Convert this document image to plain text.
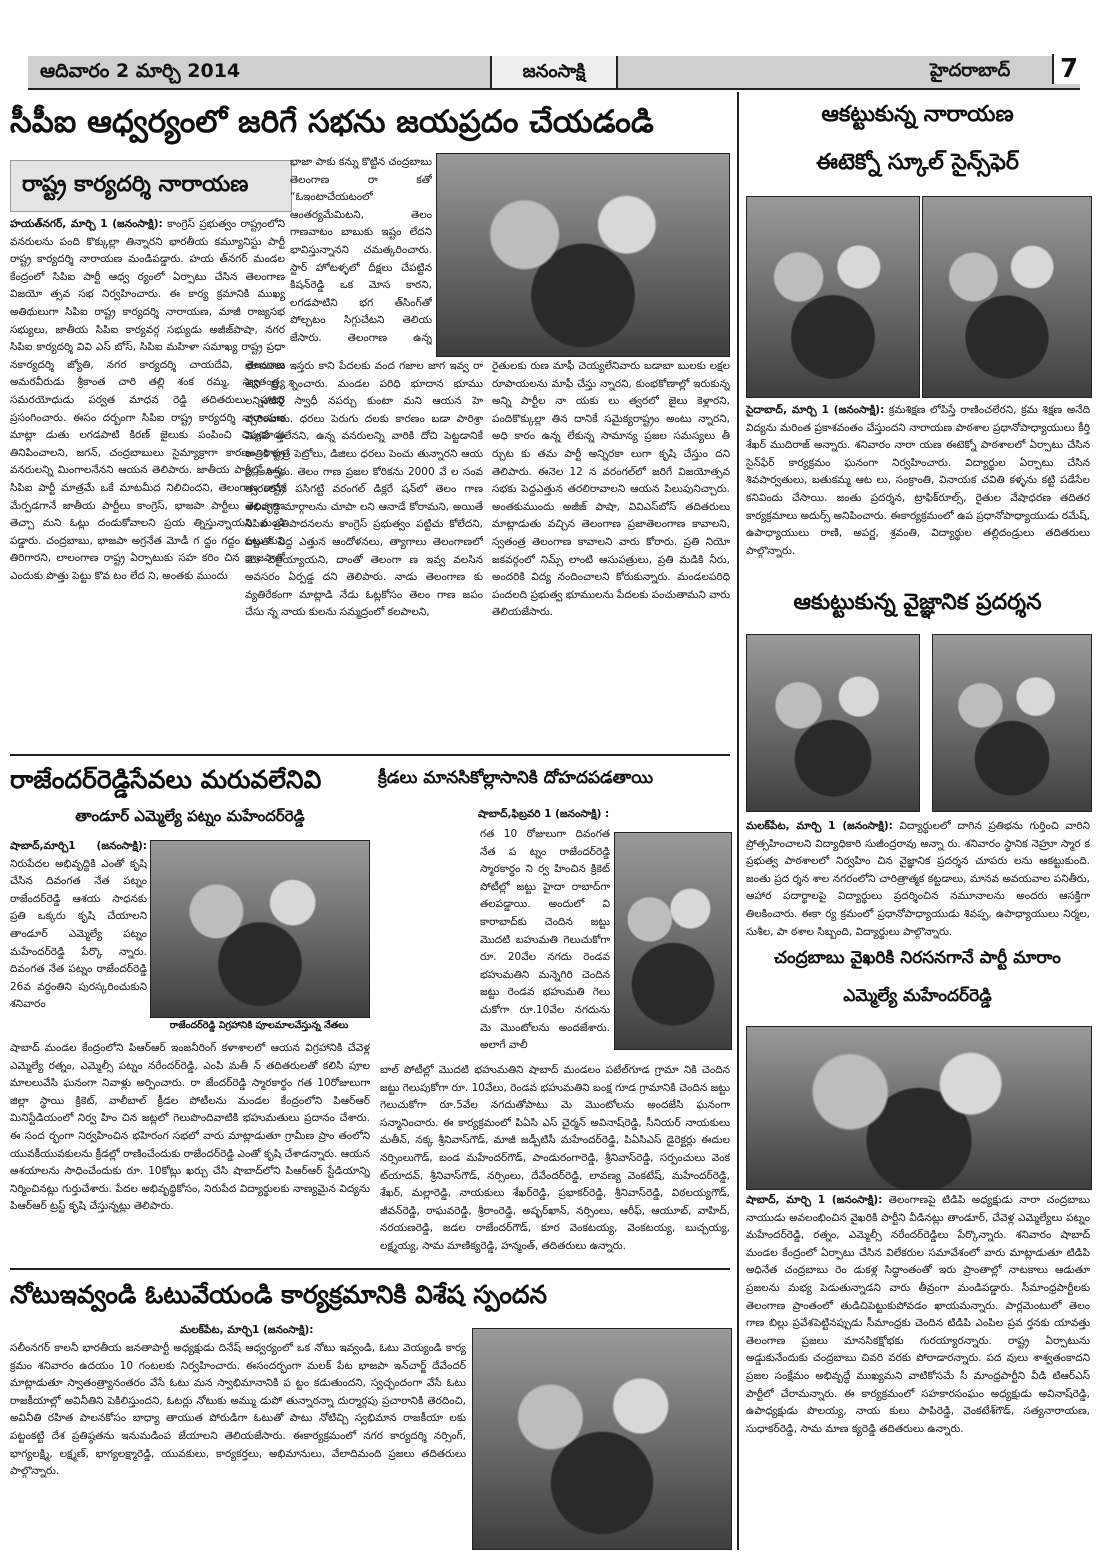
ఆదివారం 2 మార్చి 2014	జనంసాక్షి	హైదరాబాద్	7
సీపీఐ ఆధ్వర్యంలో జరిగే సభను జయప్రదం చేయడండి
రాష్ట్ర కార్యదర్శి నారాయణ
భాజా పాకు కన్ను కొట్టిన చంద్రబాబు తెలంగాణ రా కతో “ఓఇంటాచేయటంలో ఆంతర్యమేమిటని, తెలం గాణవాటం బాబుకు ఇష్టం లేదని భావిస్తున్నానని చమత్కరించారు. స్టార్ హోటళ్ళలో దీక్షలు చేపట్టిన కిషన్‌రెడ్డి ఒక మోస కారని, లగడపాటిని భగ త్‌సింగ్‌తో పోల్చటం సిగ్గుచేటని తెలియ జేసారు. తెలంగాణ ఉన్న
హయత్‌నగర్, మార్చి 1 (జనంసాక్షి): కాంగ్రెస్ ప్రభుత్వం రాష్ట్రంలోని వనరులను పంది కొక్కుల్లా తిన్నారని భారతీయ కమ్యూనిస్టు పార్టీ రాష్ట్ర కార్యదర్శి నారాయణ మండిపడ్డారు. హయ త్‌నగర్ మండల కేంద్రంలో సిపిఐ పార్టీ ఆధ్వ ర్యంలో ఏర్పాటు చేసిన తెలంగాణ విజయో త్సవ సభ నిర్వహించారు. ఈ కార్య క్రమానికి ముఖ్య అతిథులుగా సిపిఐ రాష్ట్ర కార్యదర్శి నారాయణ, మాజీ రాజ్యసభ సభ్యులు, జాతీయ సిపిఐ కార్యవర్గ సభ్యుడు అజీజ్‌పాషా, నగర సిపిఐ కార్యదర్శి వివి ఎస్ బోస్, సిపిఐ మహిళా సమాఖ్య రాష్ట్ర ప్రధా నకార్యదర్శి జ్యోతి, నగర కార్యదర్శి చాయదేవి, తెలంగాణ అమరవీరుడు శ్రీకాంత చారి తల్లి శంక రమ్మ, స్వాతంత్ర్య సమరయోధుడు పర్వత మాధవ రెడ్డి తదితరులు హాజరై ప్రసంగించారు. ఈసం దర్బంగా సిపిఐ రాష్ట్ర కార్యదర్శి నారాయణ మాట్లా డుతు లగడపాటి కిరణ్ జైలుకు పంపించి చిప్పకూడు తినిపించాలని, జగన్, చంద్రబాబులు సైమ్యాక్రాగా కారణం రాష్ట్ర వనరులన్ని మింగాలనేనని ఆయన తెలిపారు. జాతీయ పార్టీల్లో ఒక్క సిపిఐ పార్టీ మాత్రమే ఒకే మాటమీద నిలిచిందని, తెలంగాణ రాష్ట్ర మేర్పడగానే జాతీయ పార్టీలు కాంగ్రెస్, భాజపా పార్టీలు తెలంగాణ తెచ్చా మని ఓట్లు దండుకోవాలని ప్రయ త్నిస్తున్నాయని మండి పడ్డారు. చంద్రబాబు, భాజపా అగ్రనేత మోడీ గ ద్దం గద్దం పట్టు కుని తిరిగారని, లాలంగాణ రాష్ట్ర ఏర్పాటుకు సహ కరిం చిన భాజపాతో ఎందుకు పొత్తు పెట్టు కొవ టం లేద ని, అంతకు ముందు
భూములు ఇస్తరు కాని పేదలకు వంద గజాల జాగ ఇవ్వ రా అని ప్ర శ్నించారు. మండల పరిధి భూదాన భూము లన్నింటిని స్వాధీ నపర్చు కుంటా మని ఆయన హె చ్చరించారు. ధరలు పెరుగు దలకు కారణం బడా పారిశ్రా మికవే త్తలేనని, ఉన్న వనరులన్ని వారికి దోచి పెట్టడానికే రాత్రికి రాత్రే పెట్రోలు, డిజిలు ధరలు పెంచు తున్నారని ఆయ న అన్నారు. తెలం గాణ ప్రజల కోరికను 2000 వే ల సంవ త్సరంలోనే పసిగట్టి వరంగల్ డిక్లరే షన్‌లో తెలం గాణ అభివృద్ధి మార్గాలను చూపా లని ఆనాడే కోరామని, అయితే సిపిఐ ప్రతిపాదనలను కాంగ్రెస్ ప్రభుత్వం పట్టిచు కోలేదని, దాంతో పెద్ద ఎత్తున ఆందోళనలు, త్యాగాలు తెలంగాణలో మొ దలైయ్యాయని, దాంతో తెలంగా ణ ఇవ్వ వలసిన అవసరం ఏర్పడ్డ దని తెలిపారు. నాడు తెలంగాణ కు వ్యతిరేకంగా మాట్లాడి నేడు ఓట్లకోసం తెలం గాణ జపం చేసు న్న నాయ కులను సమ్మద్రంలో కలపాలని,
రైతులకు రుణ మాఫీ చెయ్యలేనివారు బడాబా బులకు లక్షల రూపాయలను మాఫీ చేస్తు న్నారని, కుంభకోణాల్లో ఇరుకున్న అన్ని పార్టీల నా యకు లు త్వరలో జైలు కెళ్లారని, పందికొక్కుల్లా తిన దానికే సమైక్యరాష్ట్రం అంటు న్నారని, అధి కారం ఉన్న లేకున్న సామాన్య ప్రజల సమస్యలు తీ ర్చుట కు తమ పార్టీ అన్నిరకా లుగా కృషి చేస్తుం దని తెలిపారు. ఈనెల 12 న వరంగల్‌లో జరిగే విజయోత్సవ సభకు పెద్దఎత్తున తరలిరావాలని ఆయన పిలుపునిచ్చారు. అంతకుముందు అజీజ్ పాషా, వివిఎస్‌బోస్ తదితరులు మాట్లాడుతు వచ్చిన తెలంగాణ ప్రజాతెలంగాణ కావాలని, స్వతంత్ర తెలంగాణ కావాలని వారు కోరారు. ప్రతి నియో జకవర్గంలో నిమ్స్ లాంటి ఆసుపత్రులు, ప్రతి మడికి నీరు, అందరికి విద్య నందించాలని కోరుకున్నారు. మండలపరిధి పందలది ప్రభుత్వ భూములను పేదలకు పంచుతామని వారు తెలియజేసారు.
ఆకట్టుకున్న నారాయణ
ఈటెక్నో స్కూల్ సైన్స్‌ఫెర్
సైదాబాద్, మార్చి 1 (జనంసాక్షి): క్రమశిక్షణ లోపిస్తే రాణించలేరని, క్రమ శిక్షణ అనేది విద్యను మరింత ప్రకాశవంతం చేస్తుందని నారాయణ పాఠశాల ప్రధానోపాధ్యాయులు కీర్తి శేఖర్ ముదిరాజ్ అన్నారు. శనివారం నారా యణ ఈటెక్నో పాఠశాలలో ఏర్పాటు చేసిన సైన్‌ఫేర్ కార్యక్రమం ఘనంగా నిర్వహించారు. విద్యార్థుల ఏర్పాటు చేసిన శివపార్వతులు, బతుకమ్మ ఆట లు, సంక్రాంతి, వినాయక చవితి కళ్ళను కట్టి పడేసేల కనివిందు చేసాయి. జంతు ప్రదర్శన, ట్రాఫిక్‌రూల్స్, రైతుల వేషాధరణ తదితర కార్యక్రమాలు అదుర్స్ అనిపించారు. ఈకార్యక్రమంలో ఉప ప్రధానోపాధ్యాయుడు రమేష్, ఉపాధ్యాయులు రాణి, అపర్ణ, శ్రవంతి, విద్యార్థుల తల్లిదండ్రులు తదితరులు పాల్గొన్నారు.
ఆకుట్టుకున్న వైజ్ఞానిక ప్రదర్శన
మలక్‌పేట, మార్చి 1 (జనంసాక్షి): విద్యార్థులలో దాగిన ప్రతిభను గుర్తించి వారిని ప్రోత్సహించాలని విద్యాధికారి సుజీంద్రరావు అన్నా రు. శనివారం స్థానిక నెహ్రూ స్మార క ప్రభుత్వ పాఠశాలలో నిర్వహిం చిన వైజ్ఞానిక ప్రదర్శన చూపరు లను ఆకట్టుకుంది. జంతు ప్రద ర్శన శాల నగరంలోని చారిత్రాత్మక కట్టడాలు, మానవ అవయవాల పనితీరు, ఆహార పదార్థాలపై విద్యార్థులు ప్రదర్శించిన నమూనాలను అందరు ఆసక్తిగా తిలకించారు. ఈకా ర్య క్రమంలో ప్రధానోపాధ్యాయుడు శివప్ప, ఉపాధ్యాయులు నిర్మల, సుశీల, పా ఠశాల సిబ్బంది, విద్యార్థులు పాల్గొన్నారు.
చంద్రబాబు వైఖరికి నిరసనగానే పార్టీ మారాం
ఎమ్మెల్యే మహేందర్‌రెడ్డి
షాబాద్, మార్చి 1 (జనంసాక్షి): తెలంగాణపై టిడిపి అధ్యక్షుడు నారా చంద్రబాబు నాయుడు అవలంభించిన వైఖరికి పార్టీని వీడినట్లు తాండూర్, చేవెళ్ల ఎమ్మెల్యేలు పట్నం మహేందర్‌రెడ్డి, రత్నం, ఎమ్మెల్సీ నరేందర్‌రెడ్డిలు పేర్కొన్నారు. శనివారం షాబాద్ మండల కేంద్రంలో ఏర్పాటు చేసిన విలేకరుల సమావేశంలో వారు మాట్లాడుతూ టిడిపి అధినేత చంద్రబాబు రెం డుకళ్ల సిద్ధాంతంతో ఇరు ప్రాంతాల్లో నాటకాలు ఆడుతూ ప్రజలను మభ్య పెడుతున్నాడని వారు తీవ్రంగా మండిపడ్డారు. సీమాంధ్రపార్టీలకు తెలంగాణ ప్రాంతంలో తుడిచిపెట్టుకుపోవడం ఖాయమన్నారు. పార్లమెంటులో తెలం గాణ బిల్లు ప్రవేశపెట్టినప్పుడు సీమాంధ్రకు చెందిన టిడిపి ఎంపిల ప్రవ ర్తనకు యావత్తు తెలంగాణ ప్రజలు మానసికక్షోభకు గురయ్యారన్నారు. రాష్ట్ర ఏర్పాటును అడ్డుకునేందుకు చంద్రబాబు చివరి వరకు పోరాడారన్నారు. పద వులు శాశ్వతంకాదని ప్రజల సంక్షేమం అభివృద్ధే ముఖ్యమని వాటికోసమే సీ మాంధ్రపార్టీని వీడి టిఆర్ఎస్ పార్టీలో చేరామన్నారు. ఈ కార్యక్రమంలో సహకారసంఘం అధ్యక్షుడు అవినాష్‌రెడ్డి, ఉపాధ్యక్షుడు పొలయ్య, నాయ కులు పాపిరెడ్డి, వెంకటేశ్‌గౌడ్, సత్యనారాయణ, సుధాకర్‌రెడ్డి, సామ మాణ క్యరెడ్డి తదితరులు ఉన్నారు.
రాజేందర్‌రెడ్డిసేవలు మరువలేనివి
తాండూర్ ఎమ్మెల్యే పట్నం మహేందర్‌రెడ్డి
షాబాద్,మార్చి1 (జనంసాక్షి): నిరుపేదల అభివృద్ధికి ఎంతో కృషి చేసిన దివంగత నేత పట్నం రాజేందర్‌రెడ్డి ఆశయ సాధనకు ప్రతి ఒక్కరు కృషి చేయాలని తాండూర్ ఎమ్మెల్యే పట్నం మహేందర్‌రెడ్డి పేర్కొ న్నారు. దివంగత నేత పట్నం రాజేందర్‌రెడ్డి 26వ వర్ధంతిని పురస్కరించుకుని శనివారం
రాజేందర్‌రెడ్డి విగ్రహానికి పూలమాలవేస్తున్న నేతలు
షాబాద్ మండల కేంద్రంలోని పిఆర్‌ఆర్ ఇంజనీరింగ్ కళాశాలలో ఆయన విగ్రహానికి చేవెళ్ల ఎమ్మెల్యే రత్నం, ఎమ్మెల్సీ పట్నం నరేందర్‌రెడ్డి, ఎంపి మతీ న్ తదితరులతో కలిసి పూల మాలలువేసి ఘనంగా నివాళ్లు అర్పించారు. రా జేందర్‌రెడ్డి స్మారకార్థం గత 10రోజులుగా జిల్లా స్థాయి క్రికెట్, వాలీబాల్ క్రీడల పోటీలను మండల కేంద్రంలోని పిఆర్‌ఆర్ మినిస్టేడియంలో నిర్వ హిం చిన జట్లలో గెలుపొందివాటికి భహుమతులు ప్రదానం చేశారు. ఈ సంద ర్భంగా నిర్వహించిన భహిరంగ సభలో వారు మాట్లాడుతూ గ్రామీణ ప్రాం తంలోని యువకీయువకులను క్రీడల్లో రాణించేందుకు రాజేందర్‌రెడ్డి ఎంతో కృషి చేశాడన్నారు. ఆయన ఆశయాలను సాధించేందుకు రూ. 10కోట్లు ఖర్చు చేసి షాబాద్‌లోని పిఆర్‌ఆర్ స్టేడియాన్ని నిర్మించినట్లు గుర్తుచేశారు. పేదల అభివృద్ధికోసం, నిరుపేద విద్యార్థులకు నాణ్యమైన విద్యను పిఆర్‌ఆర్ ట్రస్ట్ కృషి చేస్తున్నట్లు తెలిపారు.
క్రీడలు మానసికోల్లాసానికి దోహదపడతాయి
షాబాద్,ఫిబ్రవరి 1 (జనంసాక్షి) :
గత 10 రోజులుగా దివంగత నేత ప ట్నం రాజేందర్‌రెడ్డి స్మారకార్థం ని ర్వ హించిన క్రికెట్ పోటీల్లో జట్టు హైదా రాబాద్‌గా తలపడ్డాయి. అందులో వి కారాబాద్‌కు చెందిన జట్టు మొదటి బహుమతి గెలుచుకోగా రూ. 20వేల నగదు రెండవ భహుమతిని మన్నెగిరి చెందిన జట్టు రెండవ భహుమతి గెలు చుకోగా రూ.10వేల నగదును మె మొంటోలను అందజేశారు. అలాగే వాలీ
బాల్ పోటీల్లో మొదటి భహుమతిని షాబాద్ మండలం పటేల్‌గూడ గ్రామా నికి చెందిన జట్టు గెలుపుకోగా రూ. 10వేలు, రెండవ భహుమతిని బంక్ష గూడ గ్రామానికి చెందిన జట్టు గెలుచుకోగా రూ.5వేల నగదుతోపాటు మె మొంటోలను అందజేసి ఘనంగా సన్మానించారు. ఈ కార్యక్రమంలో పిఏసి ఎస్ చైర్మన్ అవినాష్‌రెడ్డి, సీనియర్ నాయకులు మతీన్, నక్క శ్రీనివాస్‌గౌడ్, మాజీ జడ్పీటిసీ మహేందర్‌రెడ్డి, పిఏసిఎస్ డైరెక్టర్లు ఈదుల నర్సింలుగౌడ్, బండ మహేందర్‌గౌడ్, పాండురంగారెడ్డి, శ్రీనివాస్‌రెడ్డి, సర్పంచులు వెంక ట్‌యాదవ్, శ్రీనివాస్‌గౌడ్, నర్సింలు, దేవేందర్‌రెడ్డి, లావణ్య వెంకటేష్, మహేందర్‌రెడ్డి, శేఖర్, మల్లారెడ్డి, నాయకులు శేఖర్‌రెడ్డి, ప్రభాకర్‌రెడ్డి, శ్రీనివాస్‌రెడ్డి, విఠలయ్యగౌడ్, జీవన్‌రెడ్డి, రాఘవరెడ్డి, శ్రీరాంరెడ్డి, అష్ఫర్‌ఖాన్, నర్సింలు, ఆరీఫ్, ఆయూబ్, వాహిద్, నరయణరెడ్డి, జడల రాజేందర్‌గౌడ్, కూర వెంకటయ్య, వెంకటయ్య, బుచ్చయ్య, లక్ష్మయ్య, సామ మాణిక్యరెడ్డి, హన్మంత్, తదితరులు ఉన్నారు.
నోటుఇవ్వండి ఓటువేయండి కార్యక్రమానికి విశేష స్పందన
మలక్‌పేట, మార్చి1 (జనంసాక్షి):
సలీంనగర్ కాలనీ భారతీయ జనతాపార్టీ అధ్యక్షుడు దినేష్ ఆధ్వర్యంలో ఒక నోటు ఇవ్వండి, ఓటు వెయ్యండి కార్య క్రమం శనివారం ఉదయం 10 గంటలకు నిర్వహించారు. ఈసందర్భంగా మలక్ పేట భాజపా ఇన్‌చార్జ్ దేవేందర్ మాట్లాడుతూ స్వాతంత్ర్యానంతరం వేసే ఓటు మన స్వాభిమానానికి ప ట్టం కడుతుందని, స్వచ్ఛందంగా వేసే ఓటు రాజకీయాల్లో అవినీతిని పెకిలిస్తుందని, ఓటర్లు నోటుకు అమ్ము డుపో తున్నారన్నా దుర్మార్గపు ప్రచారానికి తెరదించి, అవినీతి రహిత పాలనకోసం బాధ్యా తాయుత పోరుడిగా ఓటుతో పాటు నోటిచ్చి స్వభిమాన రాజకీయా లకు పట్టంకట్టి దేశ ప్రతిష్ఠతను ఇనుమడింప జేయాలని తెలియజేసారు. ఈకార్యక్రమంలో నగర కార్యదర్శి నర్సింగ్, భాగ్యలక్ష్మి, లక్ష్మణ్, భాగ్యలక్ష్మారెడ్డి, యువకులు, కార్యకర్తలు, అభిమానులు, వేలాదిమంది ప్రజలు తదితరులు పాల్గొన్నారు.
